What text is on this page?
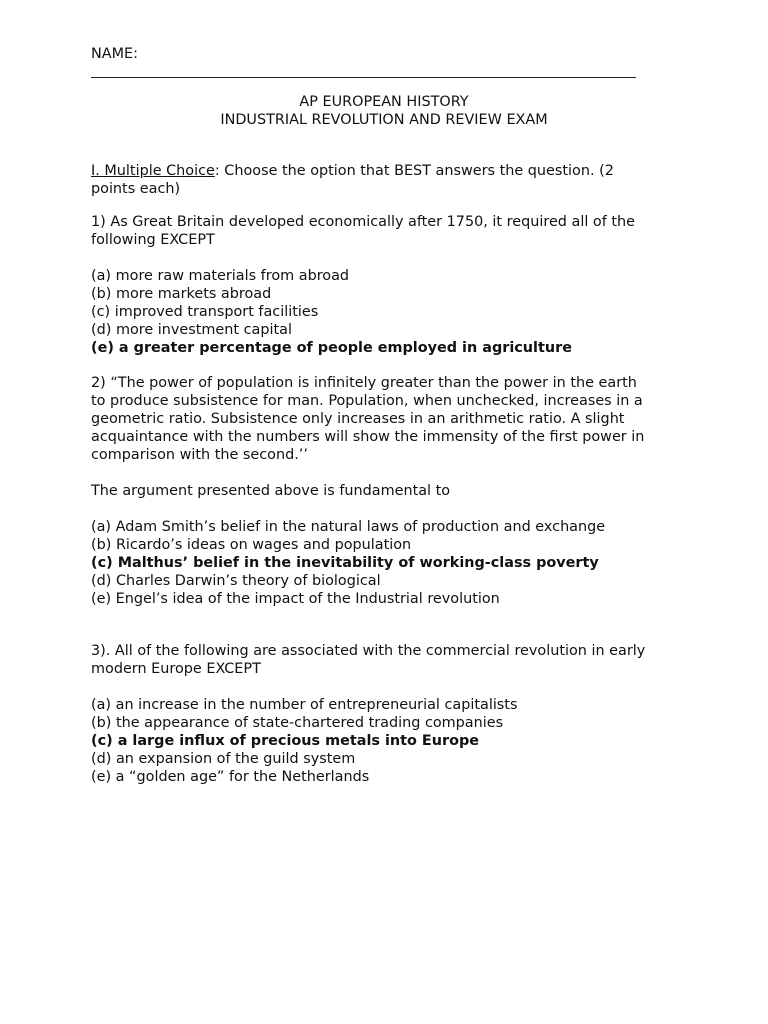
NAME:
AP EUROPEAN HISTORY
INDUSTRIAL REVOLUTION AND REVIEW EXAM
I. Multiple Choice: Choose the option that BEST answers the question. (2
points each)
1) As Great Britain developed economically after 1750, it required all of the
following EXCEPT
(a) more raw materials from abroad
(b) more markets abroad
(c) improved transport facilities
(d) more investment capital
(e) a greater percentage of people employed in agriculture
2) “The power of population is infinitely greater than the power in the earth
to produce subsistence for man. Population, when unchecked, increases in a
geometric ratio. Subsistence only increases in an arithmetic ratio. A slight
acquaintance with the numbers will show the immensity of the first power in
comparison with the second.’’
The argument presented above is fundamental to
(a) Adam Smith’s belief in the natural laws of production and exchange
(b) Ricardo’s ideas on wages and population
(c) Malthus’ belief in the inevitability of working-class poverty
(d) Charles Darwin’s theory of biological
(e) Engel’s idea of the impact of the Industrial revolution
3). All of the following are associated with the commercial revolution in early
modern Europe EXCEPT
(a) an increase in the number of entrepreneurial capitalists
(b) the appearance of state-chartered trading companies
(c) a large influx of precious metals into Europe
(d) an expansion of the guild system
(e) a “golden age” for the Netherlands
